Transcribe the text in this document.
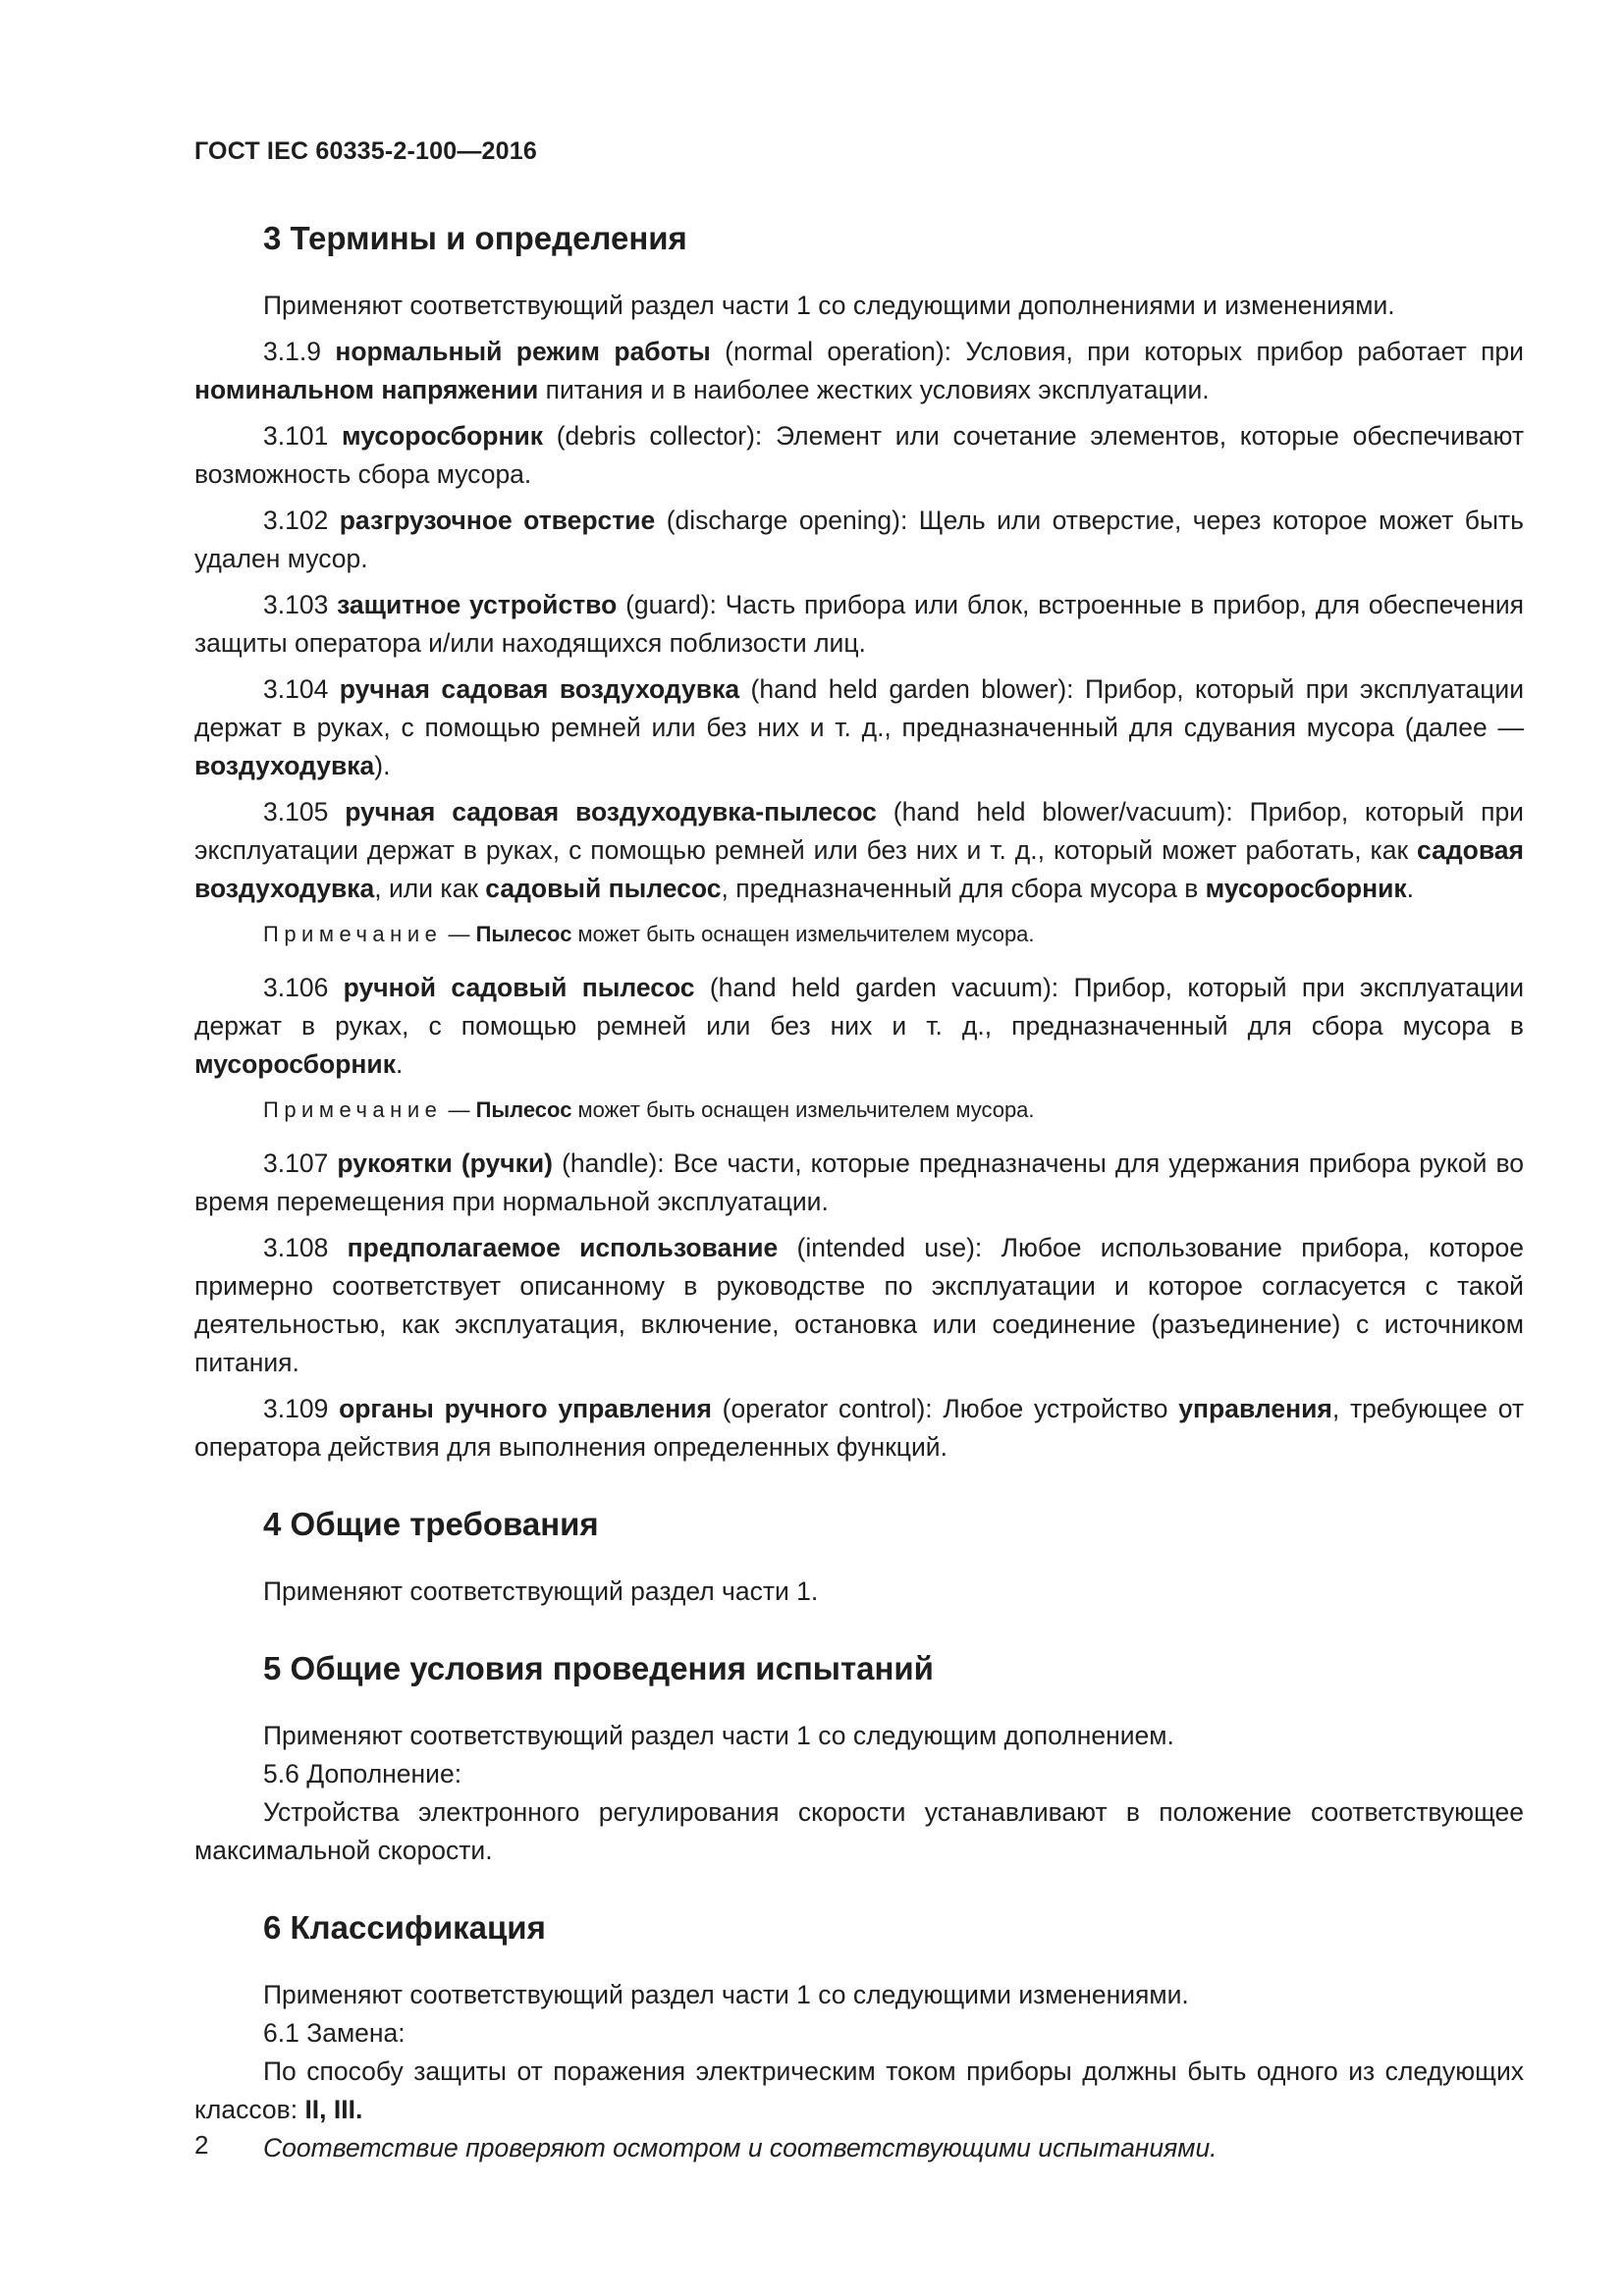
ГОСТ IEC 60335-2-100—2016
3 Термины и определения

Применяют соответствующий раздел части 1 со следующими дополнениями и изменениями.

3.1.9 нормальный режим работы (normal operation): Условия, при которых прибор работает при номинальном напряжении питания и в наиболее жестких условиях эксплуатации.

3.101 мусоросборник (debris collector): Элемент или сочетание элементов, которые обеспечивают возможность сбора мусора.

3.102 разгрузочное отверстие (discharge opening): Щель или отверстие, через которое может быть удален мусор.

3.103 защитное устройство (guard): Часть прибора или блок, встроенные в прибор, для обеспечения защиты оператора и/или находящихся поблизости лиц.

3.104 ручная садовая воздуходувка (hand held garden blower): Прибор, который при эксплуатации держат в руках, с помощью ремней или без них и т. д., предназначенный для сдувания мусора (далее — воздуходувка).

3.105 ручная садовая воздуходувка-пылесос (hand held blower/vacuum): Прибор, который при эксплуатации держат в руках, с помощью ремней или без них и т. д., который может работать, как садовая воздуходувка, или как садовый пылесос, предназначенный для сбора мусора в мусоросборник.

Примечание — Пылесос может быть оснащен измельчителем мусора.

3.106 ручной садовый пылесос (hand held garden vacuum): Прибор, который при эксплуатации держат в руках, с помощью ремней или без них и т. д., предназначенный для сбора мусора в мусоросборник.

Примечание — Пылесос может быть оснащен измельчителем мусора.

3.107 рукоятки (ручки) (handle): Все части, которые предназначены для удержания прибора рукой во время перемещения при нормальной эксплуатации.

3.108 предполагаемое использование (intended use): Любое использование прибора, которое примерно соответствует описанному в руководстве по эксплуатации и которое согласуется с такой деятельностью, как эксплуатация, включение, остановка или соединение (разъединение) с источником питания.

3.109 органы ручного управления (operator control): Любое устройство управления, требующее от оператора действия для выполнения определенных функций.

4 Общие требования

Применяют соответствующий раздел части 1.

5 Общие условия проведения испытаний

Применяют соответствующий раздел части 1 со следующим дополнением.

5.6 Дополнение:

Устройства электронного регулирования скорости устанавливают в положение соответствующее максимальной скорости.

6 Классификация

Применяют соответствующий раздел части 1 со следующими изменениями.

6.1 Замена:

По способу защиты от поражения электрическим током приборы должны быть одного из следующих классов: II, III.

Соответствие проверяют осмотром и соответствующими испытаниями.

2
